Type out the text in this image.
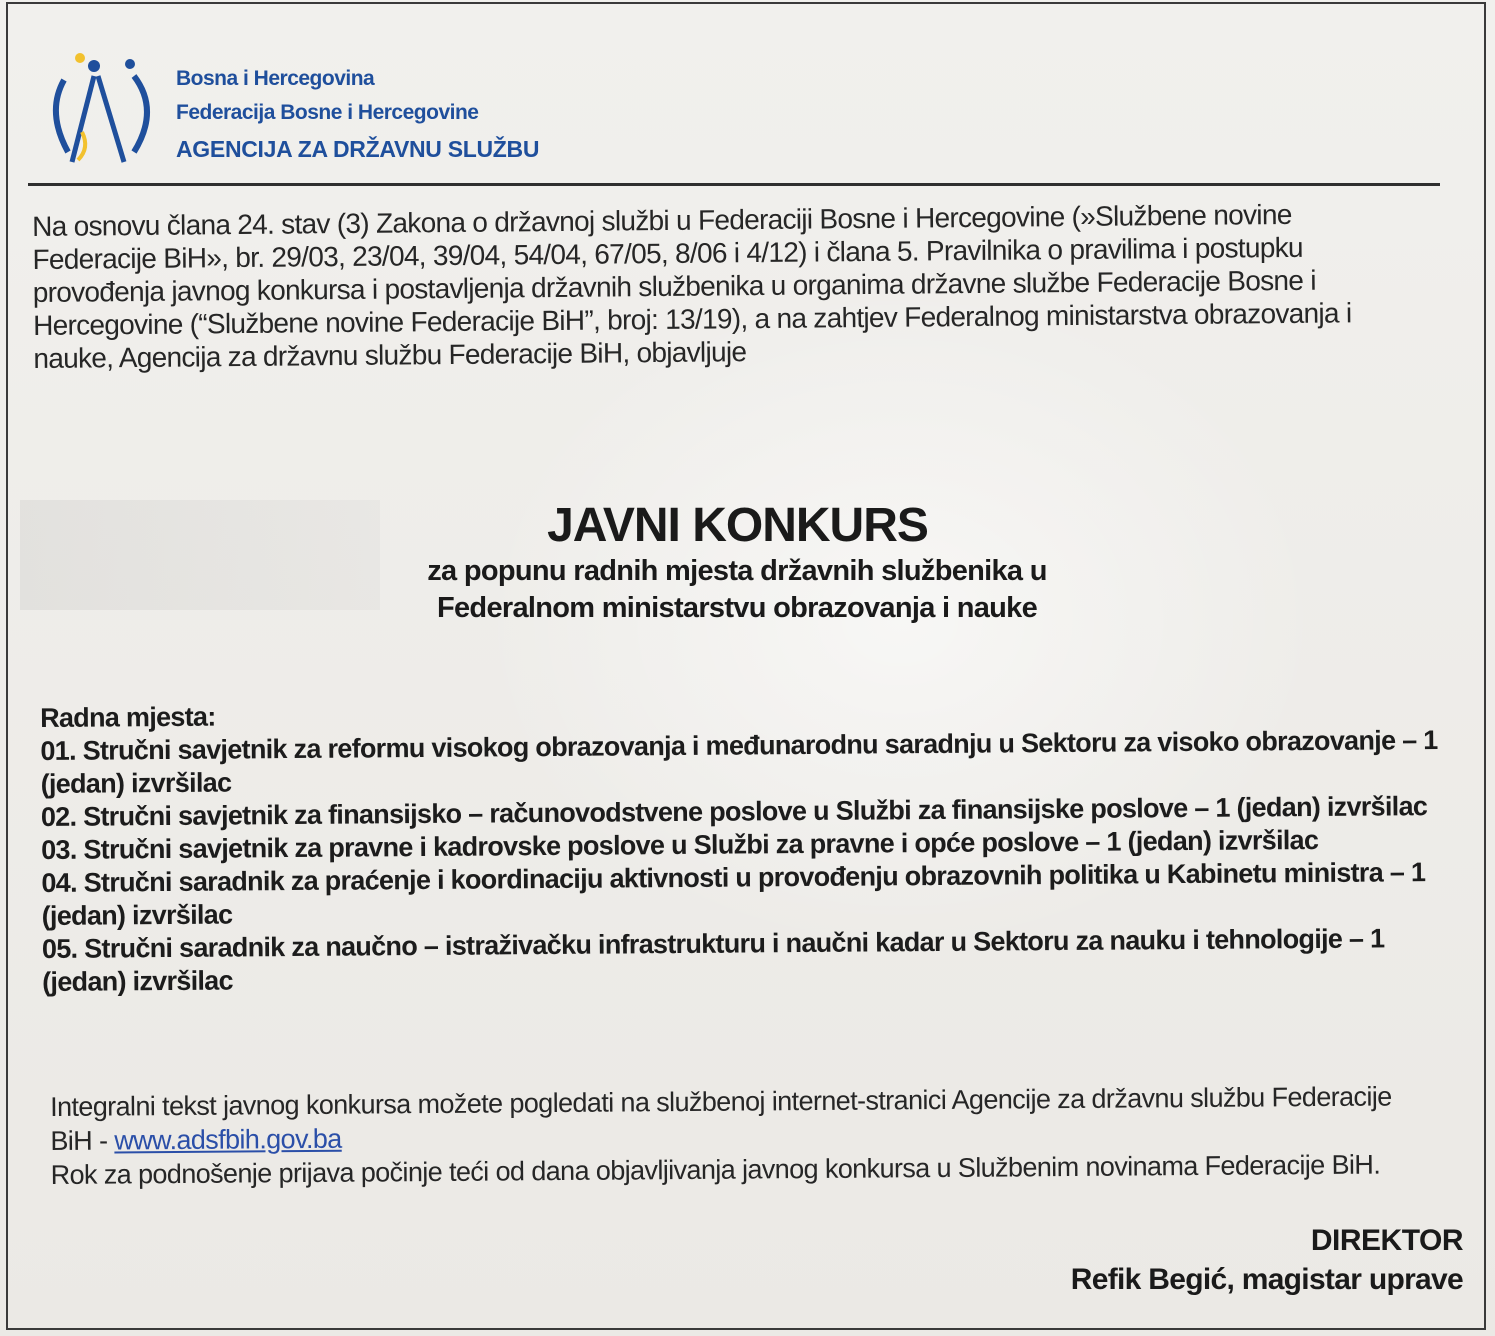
Bosna i Hercegovina
Federacija Bosne i Hercegovine
AGENCIJA ZA DRŽAVNU SLUŽBU
Na osnovu člana 24. stav (3) Zakona o državnoj službi u Federaciji Bosne i Hercegovine (»Službene novine Federacije BiH», br. 29/03, 23/04, 39/04, 54/04, 67/05, 8/06 i 4/12) i člana 5. Pravilnika o pravilima i postupku provođenja javnog konkursa i postavljenja državnih službenika u organima državne službe Federacije Bosne i Hercegovine (“Službene novine Federacije BiH”, broj: 13/19), a na zahtjev Federalnog ministarstva obrazovanja i nauke, Agencija za državnu službu Federacije BiH, objavljuje
JAVNI KONKURS
za popunu radnih mjesta državnih službenika u
Federalnom ministarstvu obrazovanja i nauke
Radna mjesta:
01. Stručni savjetnik za reformu visokog obrazovanja i međunarodnu saradnju u Sektoru za visoko obrazovanje – 1 (jedan) izvršilac
02. Stručni savjetnik za finansijsko – računovodstvene poslove u Službi za finansijske poslove – 1 (jedan) izvršilac
03. Stručni savjetnik za pravne i kadrovske poslove u Službi za pravne i opće poslove – 1 (jedan) izvršilac
04. Stručni saradnik za praćenje i koordinaciju aktivnosti u provođenju obrazovnih politika u Kabinetu ministra – 1 (jedan) izvršilac
05. Stručni saradnik za naučno – istraživačku infrastrukturu i naučni kadar u Sektoru za nauku i tehnologije – 1 (jedan) izvršilac
Integralni tekst javnog konkursa možete pogledati na službenoj internet-stranici Agencije za državnu službu Federacije BiH - www.adsfbih.gov.ba
Rok za podnošenje prijava počinje teći od dana objavljivanja javnog konkursa u Službenim novinama Federacije BiH.
DIREKTOR
Refik Begić, magistar uprave
